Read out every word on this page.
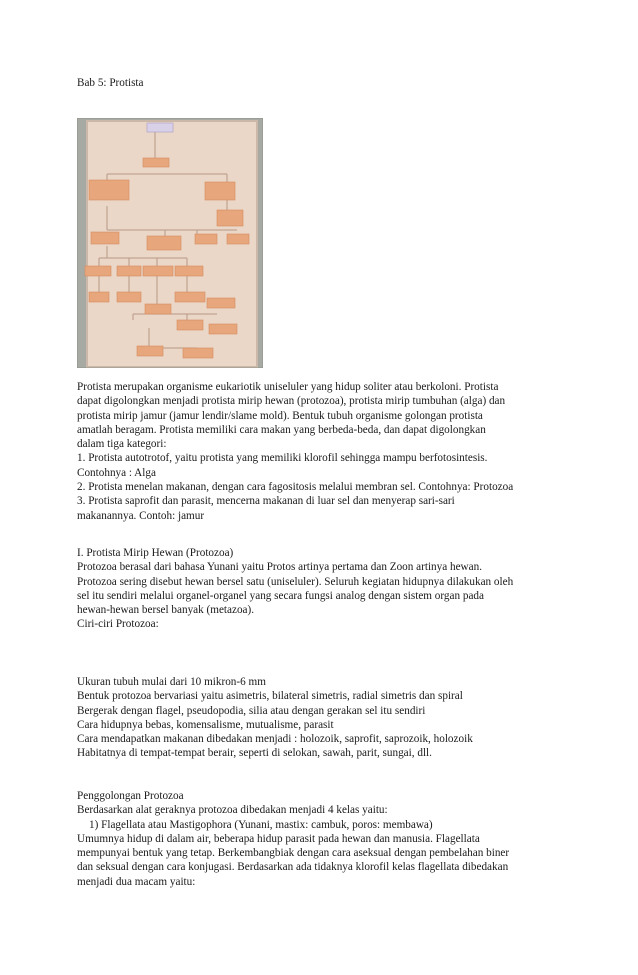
Bab 5: Protista

Protista merupakan organisme eukariotik uniseluler yang hidup soliter atau berkoloni. Protista

dapat digolongkan menjadi protista mirip hewan (protozoa), protista mirip tumbuhan (alga) dan

protista mirip jamur (jamur lendir/slame mold). Bentuk tubuh organisme golongan protista

amatlah beragam. Protista memiliki cara makan yang berbeda-beda, dan dapat digolongkan

dalam tiga kategori:

1. Protista autotrotof, yaitu protista yang memiliki klorofil sehingga mampu berfotosintesis.

Contohnya : Alga

2. Protista menelan makanan, dengan cara fagositosis melalui membran sel. Contohnya: Protozoa

3. Protista saprofit dan parasit, mencerna makanan di luar sel dan menyerap sari-sari

makanannya. Contoh: jamur

I. Protista Mirip Hewan (Protozoa)

Protozoa berasal dari bahasa Yunani yaitu Protos artinya pertama dan Zoon artinya hewan.

Protozoa sering disebut hewan bersel satu (uniseluler). Seluruh kegiatan hidupnya dilakukan oleh

sel itu sendiri melalui organel-organel yang secara fungsi analog dengan sistem organ pada

hewan-hewan bersel banyak (metazoa).

Ciri-ciri Protozoa:

Ukuran tubuh mulai dari 10 mikron-6 mm

Bentuk protozoa bervariasi yaitu asimetris, bilateral simetris, radial simetris dan spiral

Bergerak dengan flagel, pseudopodia, silia atau dengan gerakan sel itu sendiri

Cara hidupnya bebas, komensalisme, mutualisme, parasit

Cara mendapatkan makanan dibedakan menjadi : holozoik, saprofit, saprozoik, holozoik

Habitatnya di tempat-tempat berair, seperti di selokan, sawah, parit, sungai, dll.

Penggolongan Protozoa

Berdasarkan alat geraknya protozoa dibedakan menjadi 4 kelas yaitu:

1) Flagellata atau Mastigophora (Yunani, mastix: cambuk, poros: membawa)

Umumnya hidup di dalam air, beberapa hidup parasit pada hewan dan manusia. Flagellata

mempunyai bentuk yang tetap. Berkembangbiak dengan cara aseksual dengan pembelahan biner

dan seksual dengan cara konjugasi. Berdasarkan ada tidaknya klorofil kelas flagellata dibedakan

menjadi dua macam yaitu:
